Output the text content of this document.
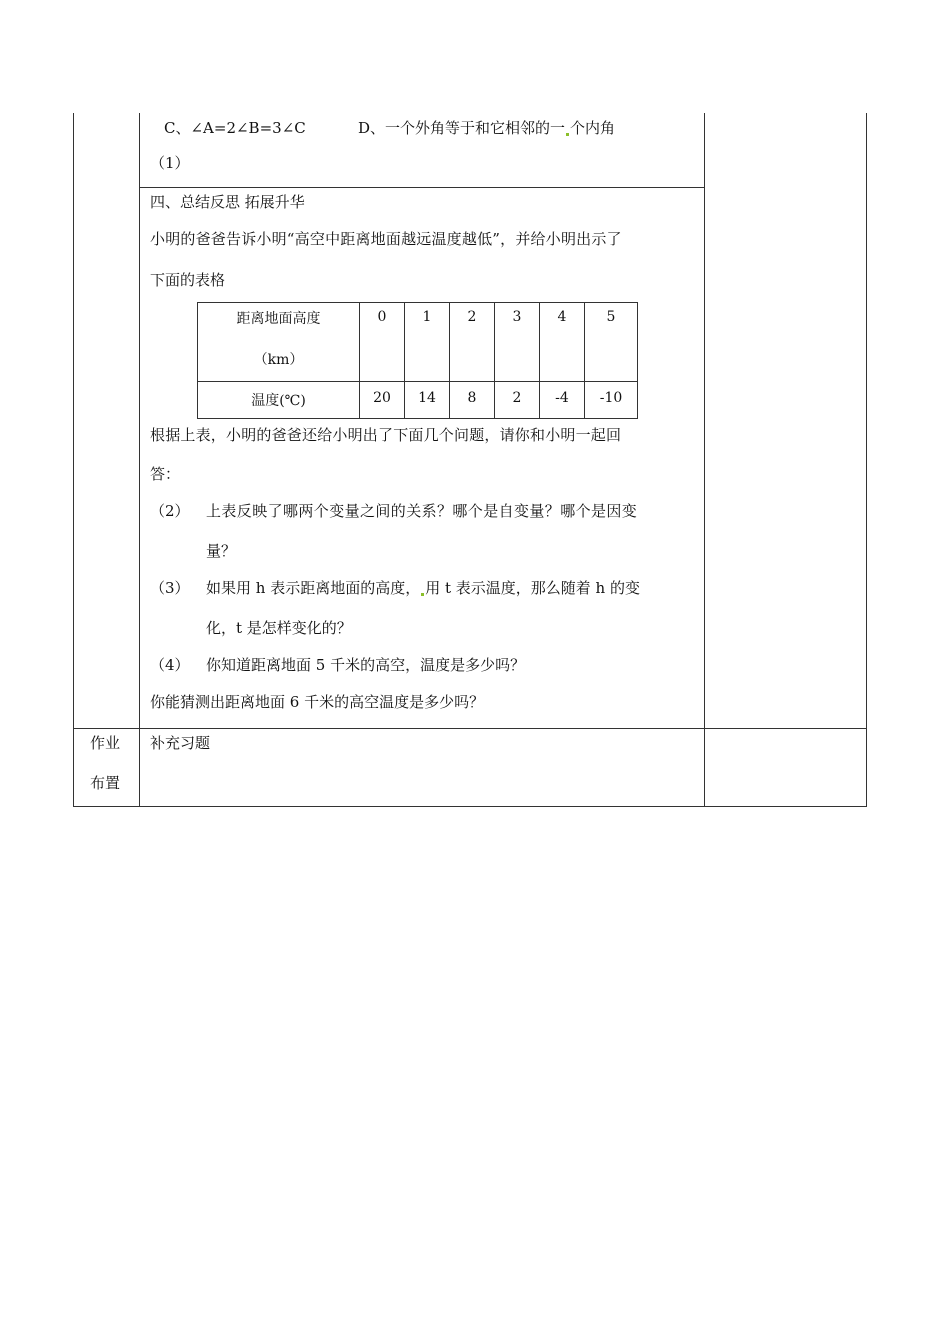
C、∠A=2∠B=3∠C	D、一个外角等于和它相邻的一 个内角
（1）
四、总结反思 拓展升华
小明的爸爸告诉小明“高空中距离地面越远温度越低”，并给小明出示了
下面的表格
距离地面高度
（km）	0	1	2	3	4	5
温度(℃)	20	14	8	2	-4	-10
根据上表，小明的爸爸还给小明出了下面几个问题，请你和小明一起回
答：
（2） 上表反映了哪两个变量之间的关系？哪个是自变量？哪个是因变
量？
（3） 如果用 h 表示距离地面的高度， 用 t 表示温度，那么随着 h 的变
化，t 是怎样变化的？
（4） 你知道距离地面 5 千米的高空，温度是多少吗？
你能猜测出距离地面 6 千米的高空温度是多少吗？
作业
布置
补充习题
